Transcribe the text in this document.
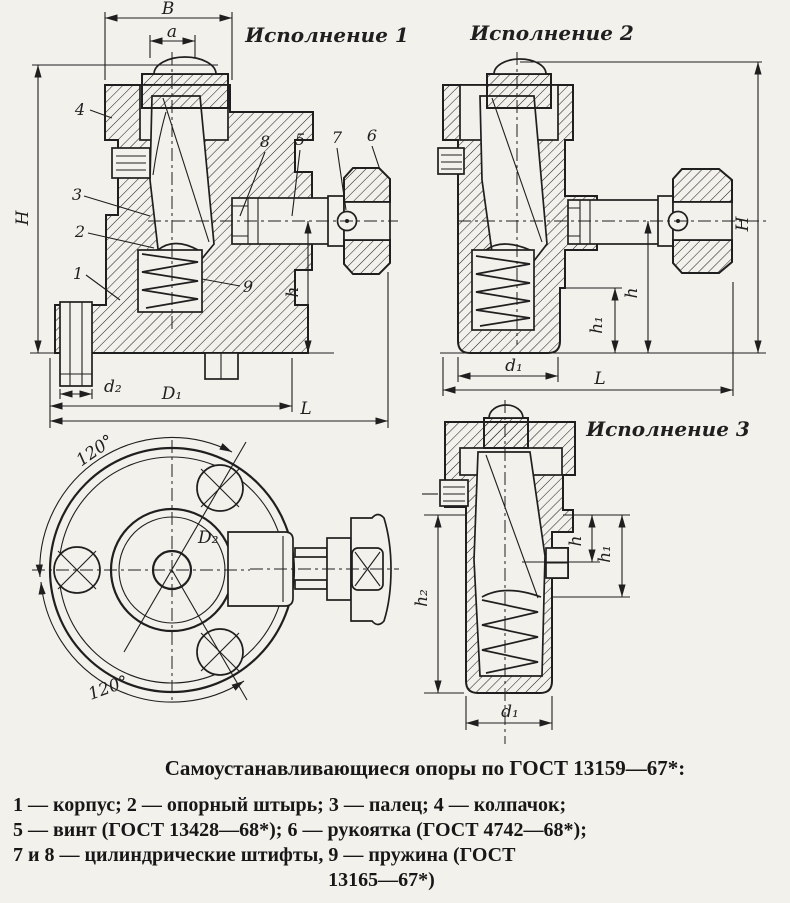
Исполнение 1
B
a
H
h
d₂ D₁
L
4
3
2
1
8 5 7 6
9
Исполнение 2
H
h
h₁
d₁
L
Исполнение 3
h₂
h
h₁
d₁
120°
120°
D₂
Самоустанавливающиеся опоры по ГОСТ 13159—67*:
1 — корпус; 2 — опорный штырь; 3 — палец; 4 — колпачок;
5 — винт (ГОСТ 13428—68*); 6 — рукоятка (ГОСТ 4742—68*);
7 и 8 — цилиндрические штифты, 9 — пружина (ГОСТ
13165—67*)
